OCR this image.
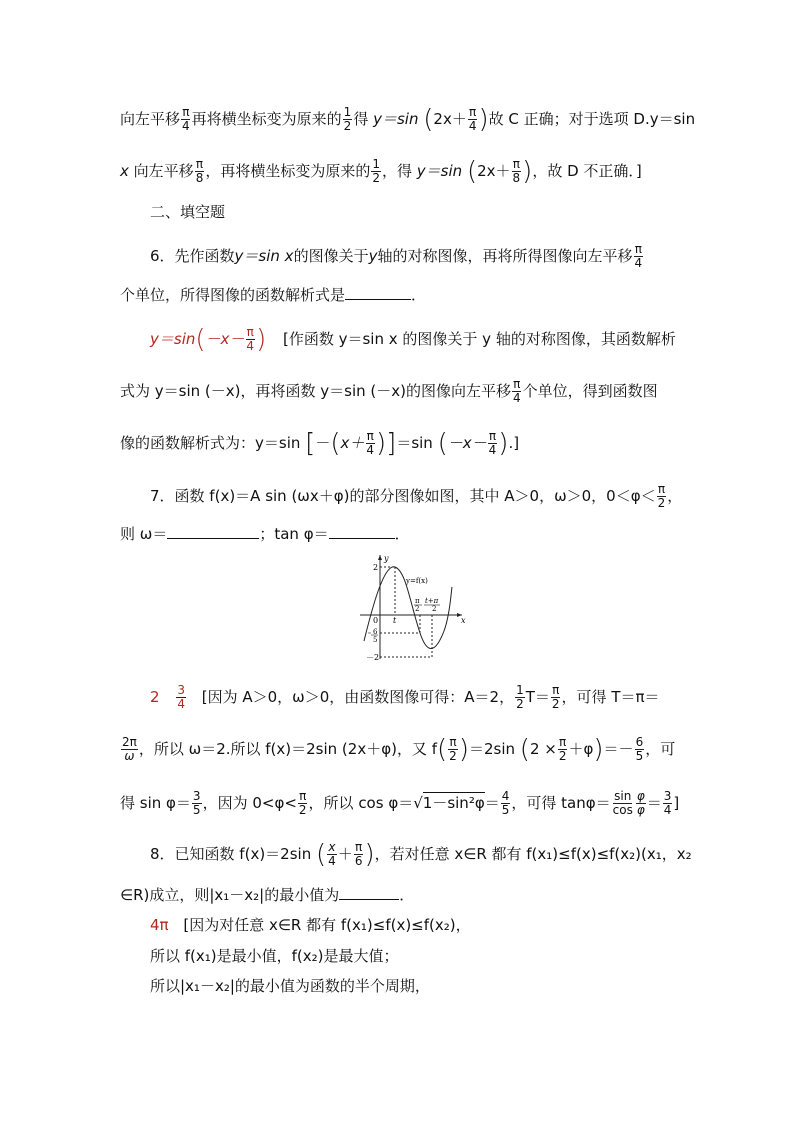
向左平移 $\frac{\pi}{4}$ 再将横坐标变为原来的 $\frac{1}{2}$ 得 y＝sin ($2x+ \frac{\pi}{4}$ )故 C 正确；对于选项 D.y＝sin
x 向左平移 $\frac{\pi}{8}$ ，再将横坐标变为原来的 $\frac{1}{2}$ ，得 y＝sin ($2x+ \frac{\pi}{8}$ )，故 D 不正确．]
二、填空题
6．先作函数y＝sin x的图像关于y轴的对称图像，再将所得图像向左平移 $\frac{\pi}{4}$
个单位，所得图像的函数解析式是	．
$y=\sin(-x- \frac{\pi}{4}$ ) [作函数 y＝sin x 的图像关于 y 轴的对称图像，其函数解析
式为 y＝sin (－x)，再将函数 y＝sin (－x)的图像向左平移 $\frac{\pi}{4}$ 个单位，得到函数图
像的函数解析式为：y＝sin $[-(x+ \frac{\pi}{4} )]=\sin$ ($-x- \frac{\pi}{4}$ ).]
7．函数 f(x)＝A sin (ωx＋φ)的部分图像如图，其中 A＞0，ω＞0，$0<\varphi< \frac{\pi}{2}$ ，
则 ω＝	；tan φ＝	．
y
x
0
2
－2
6
5
t
y=f(x)
π
2
t+π
2
$2 \frac{3}{4}$ [因为 A＞0，ω＞0，由函数图像可得：A＝2， $\frac{1}{2} T= \frac{\pi}{2}$ ，可得 T＝π＝
$\frac{2\pi}{\omega}$ ，所以 ω＝2.所以 f(x)＝2sin (2x＋φ)，又 $f( \frac{\pi}{2} )=2\sin$ $(2 \times \frac{\pi}{2} +\varphi)=- \frac{6}{5}$ ，可
得 $\sin \varphi= \frac{3}{5}$ ，因为 $0<\varphi< \frac{\pi}{2}$ ，所以 $\cos \varphi=√1-\sin^2\varphi= \frac{4}{5}$ ，可得 $\tan\varphi= \frac{\sin}{\cos} \frac{\varphi}{\varphi} = \frac{3}{4}$ ]
8．已知函数 f(x)＝2sin ( $\frac{x}{4} + \frac{\pi}{6}$ )，若对任意 x∈R 都有 f(x₁)≤f(x)≤f(x₂)(x₁，x₂
∈R)成立，则|x₁－x₂|的最小值为	．
4π [因为对任意 x∈R 都有 f(x₁)≤f(x)≤f(x₂)，
所以 f(x₁)是最小值，f(x₂)是最大值；
所以|x₁－x₂|的最小值为函数的半个周期，
